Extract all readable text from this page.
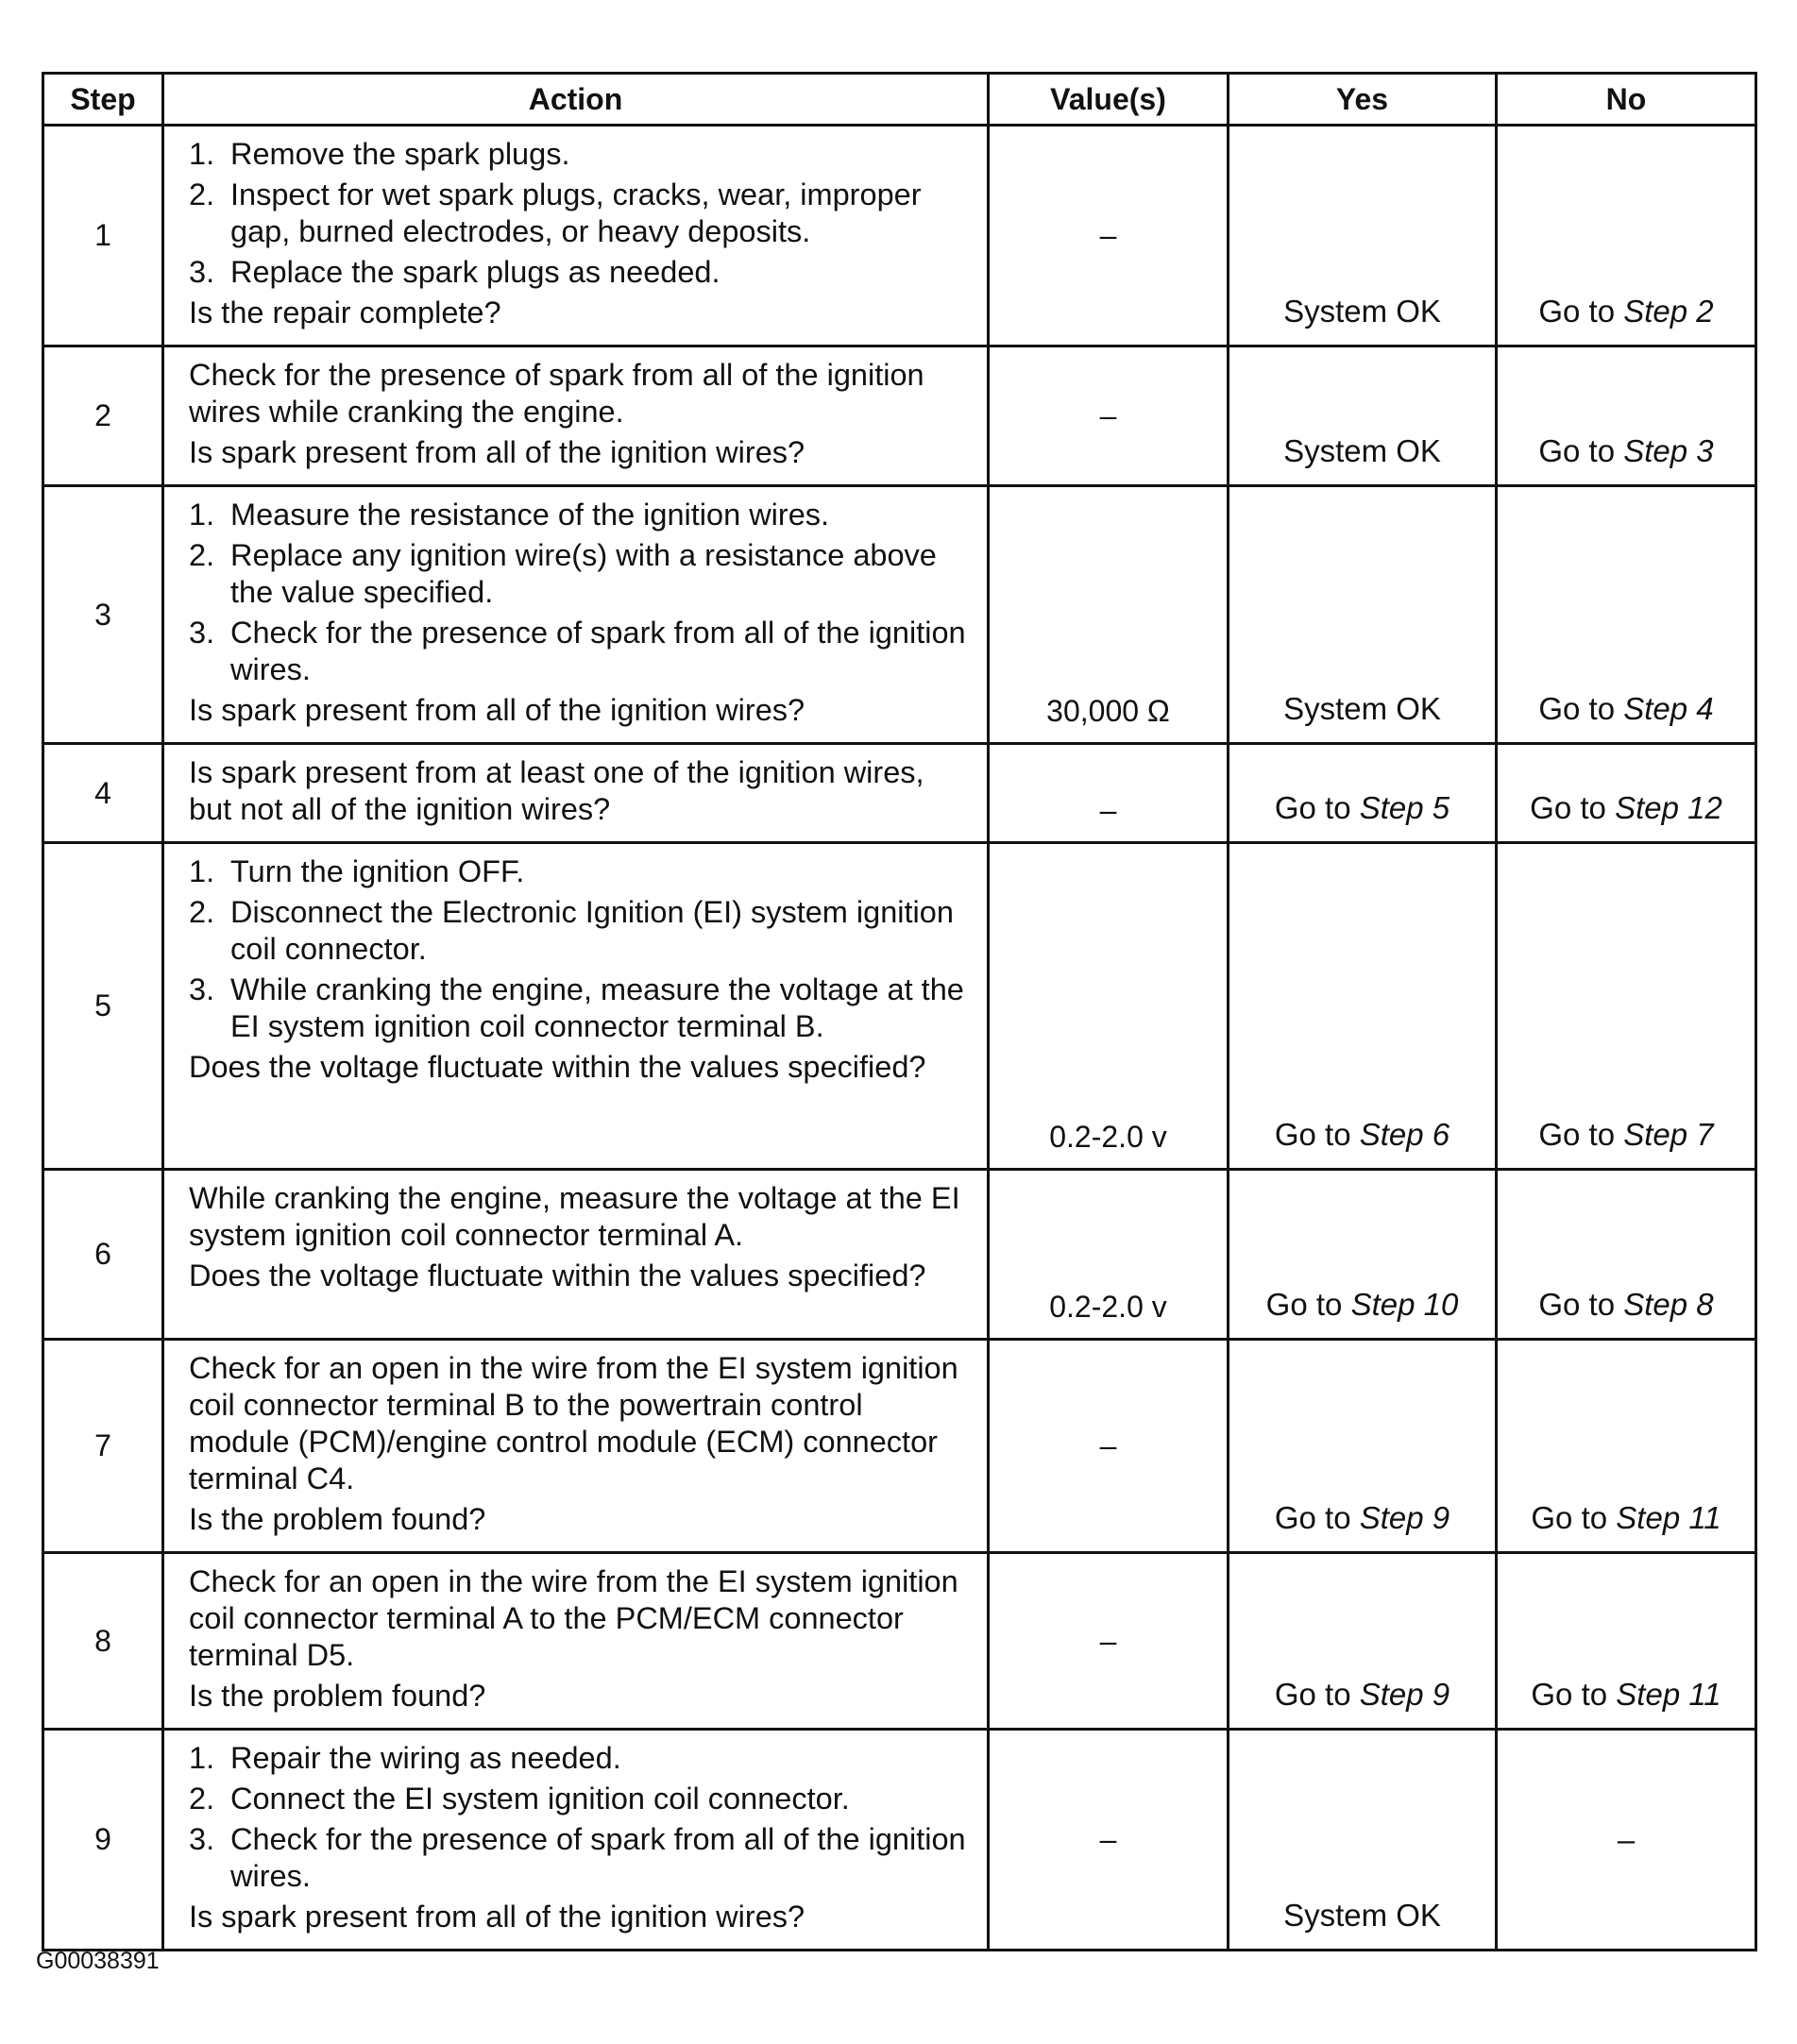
Step	Action	Value(s)	Yes	No
1	1. Remove the spark plugs.
2. Inspect for wet spark plugs, cracks, wear, improper gap, burned electrodes, or heavy deposits.
3. Replace the spark plugs as needed.
Is the repair complete?	–	System OK	Go to Step 2
2	Check for the presence of spark from all of the ignition wires while cranking the engine.
Is spark present from all of the ignition wires?	–	System OK	Go to Step 3
3	1. Measure the resistance of the ignition wires.
2. Replace any ignition wire(s) with a resistance above the value specified.
3. Check for the presence of spark from all of the ignition wires.
Is spark present from all of the ignition wires?	30,000 Ω	System OK	Go to Step 4
4	Is spark present from at least one of the ignition wires, but not all of the ignition wires?	–	Go to Step 5	Go to Step 12
5	1. Turn the ignition OFF.
2. Disconnect the Electronic Ignition (EI) system ignition coil connector.
3. While cranking the engine, measure the voltage at the EI system ignition coil connector terminal B.
Does the voltage fluctuate within the values specified?	0.2-2.0 v	Go to Step 6	Go to Step 7
6	While cranking the engine, measure the voltage at the EI system ignition coil connector terminal A.
Does the voltage fluctuate within the values specified?	0.2-2.0 v	Go to Step 10	Go to Step 8
7	Check for an open in the wire from the EI system ignition coil connector terminal B to the powertrain control module (PCM)/engine control module (ECM) connector terminal C4.
Is the problem found?	–	Go to Step 9	Go to Step 11
8	Check for an open in the wire from the EI system ignition coil connector terminal A to the PCM/ECM connector terminal D5.
Is the problem found?	–	Go to Step 9	Go to Step 11
9	1. Repair the wiring as needed.
2. Connect the EI system ignition coil connector.
3. Check for the presence of spark from all of the ignition wires.
Is spark present from all of the ignition wires?	–	System OK	–
G00038391
